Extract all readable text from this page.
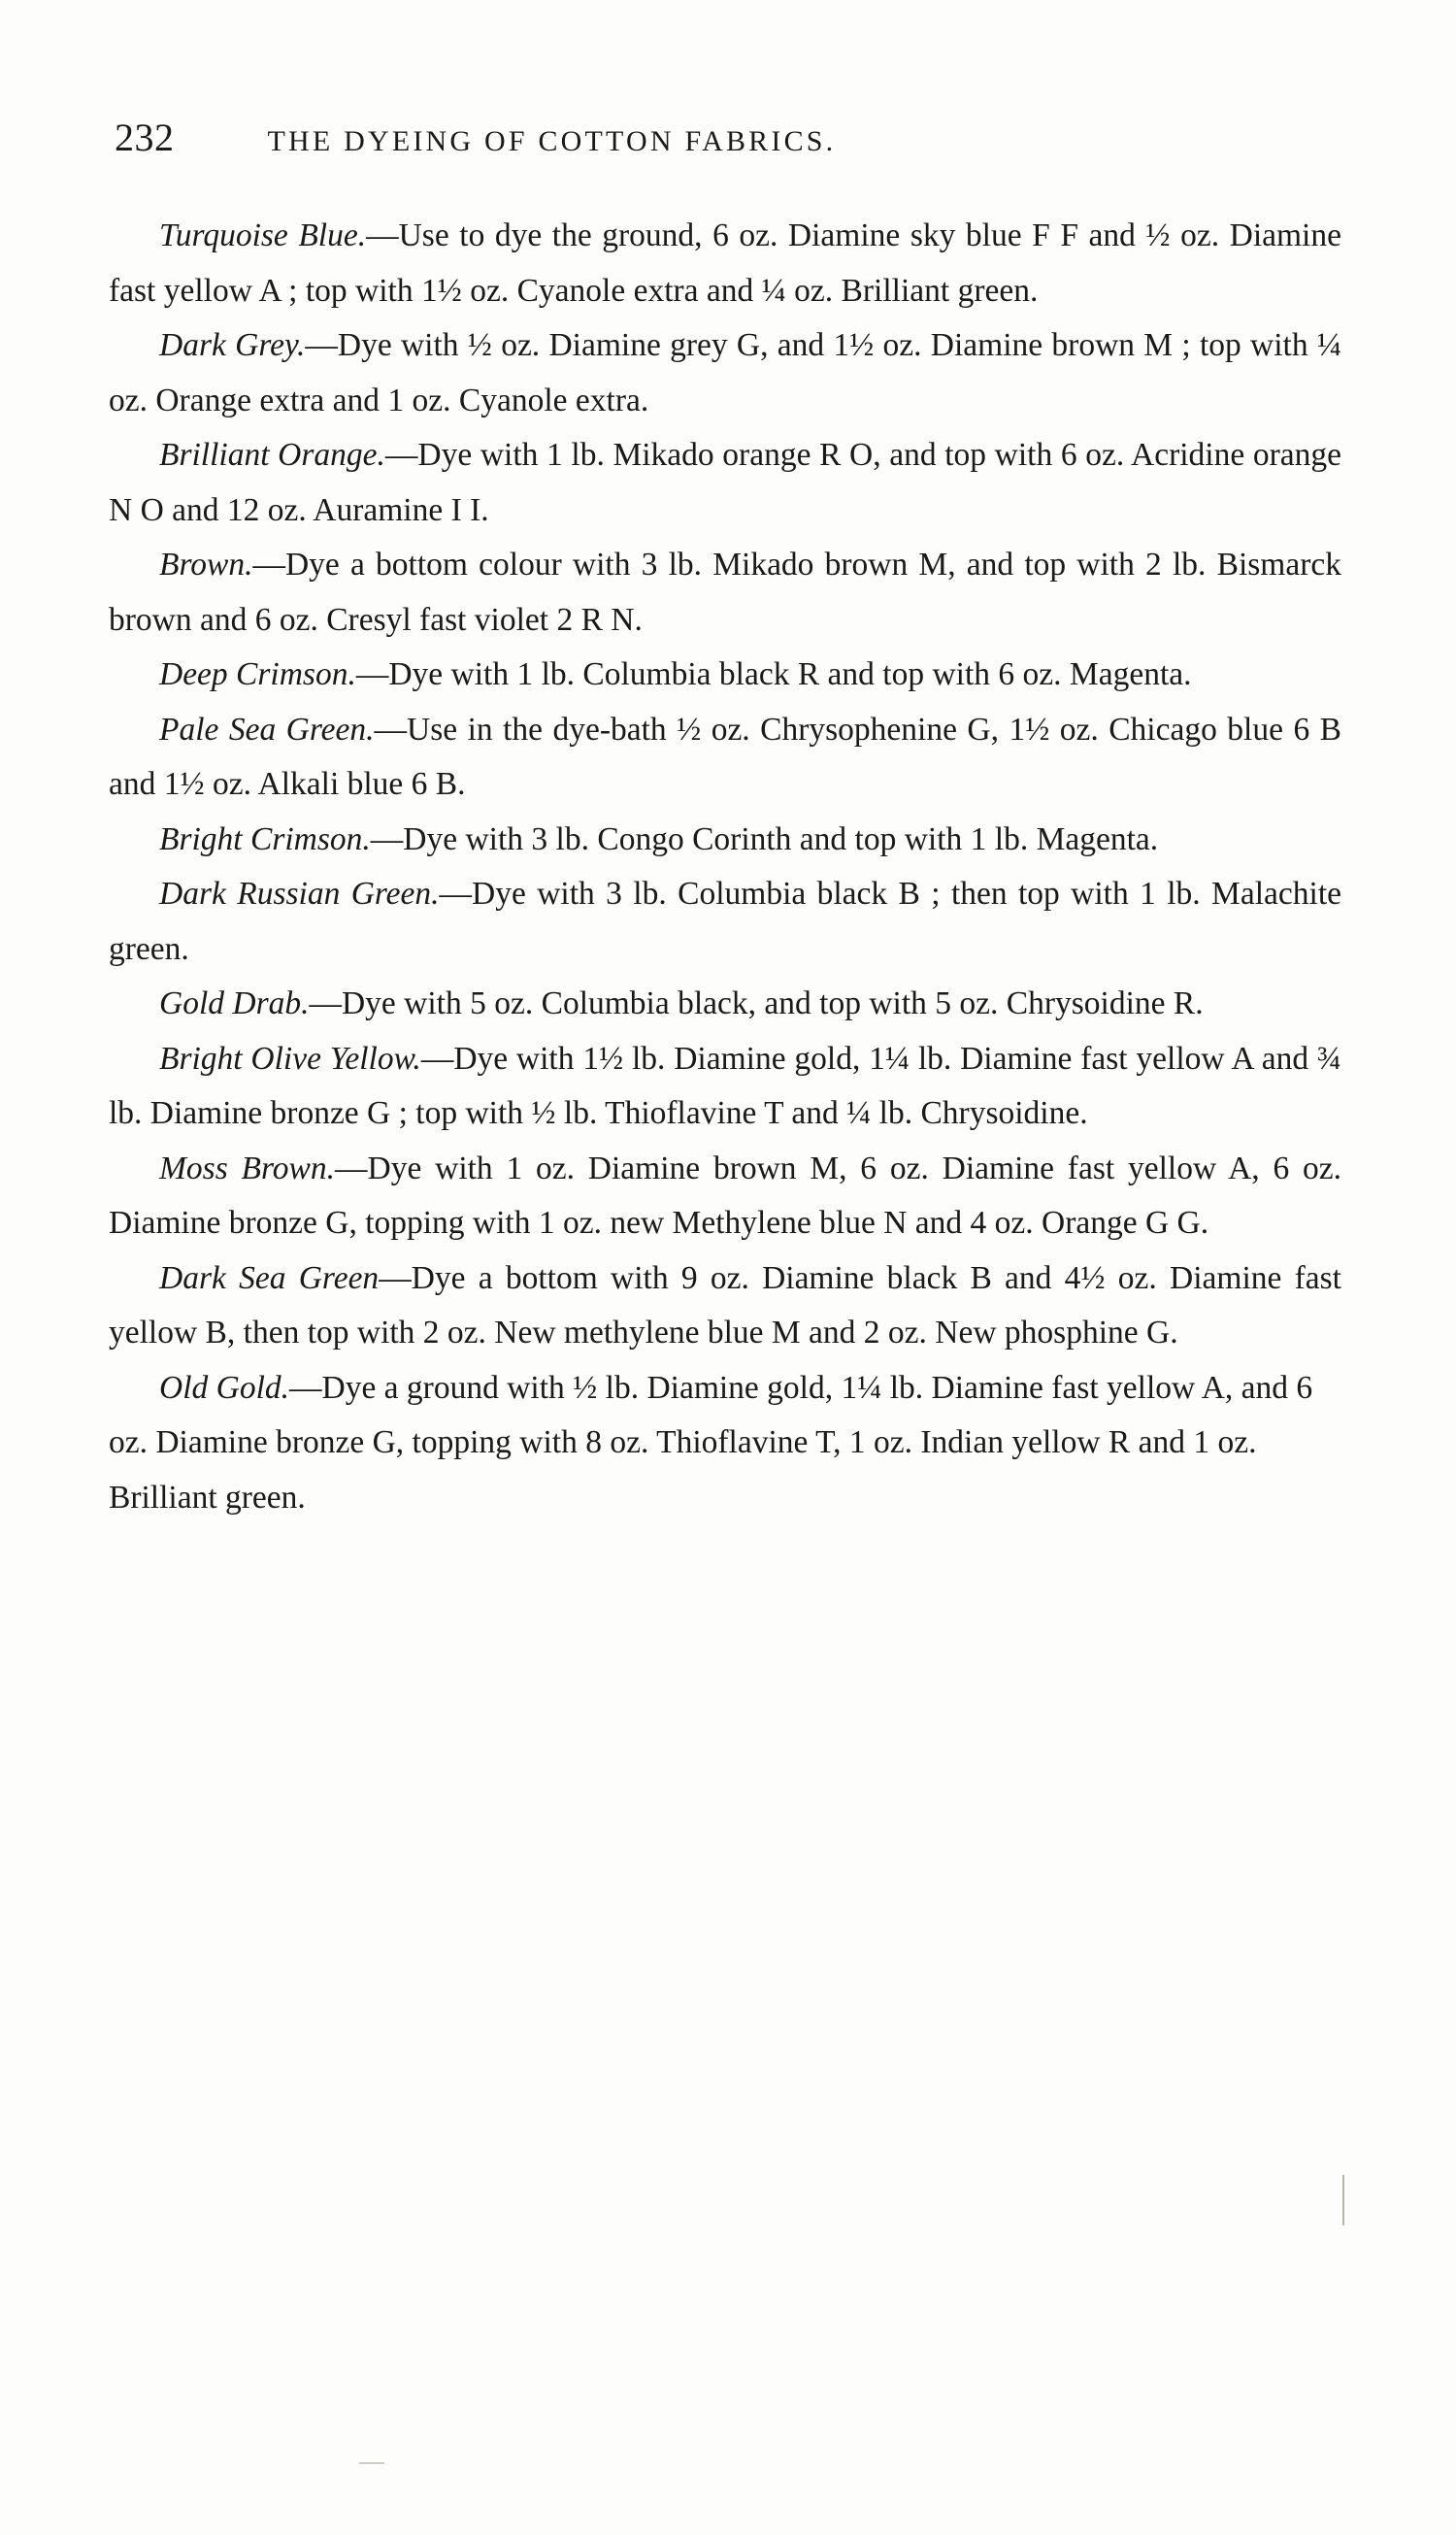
232	THE DYEING OF COTTON FABRICS.

Turquoise Blue.—Use to dye the ground, 6 oz. Diamine sky blue F F and ½ oz. Diamine fast yellow A ; top with 1½ oz. Cyanole extra and ¼ oz. Brilliant green.

Dark Grey.—Dye with ½ oz. Diamine grey G, and 1½ oz. Diamine brown M ; top with ¼ oz. Orange extra and 1 oz. Cyanole extra.

Brilliant Orange.—Dye with 1 lb. Mikado orange R O, and top with 6 oz. Acridine orange N O and 12 oz. Auramine I I.

Brown.—Dye a bottom colour with 3 lb. Mikado brown M, and top with 2 lb. Bismarck brown and 6 oz. Cresyl fast violet 2 R N.

Deep Crimson.—Dye with 1 lb. Columbia black R and top with 6 oz. Magenta.

Pale Sea Green.—Use in the dye-bath ½ oz. Chrysophenine G, 1½ oz. Chicago blue 6 B and 1½ oz. Alkali blue 6 B.

Bright Crimson.—Dye with 3 lb. Congo Corinth and top with 1 lb. Magenta.

Dark Russian Green.—Dye with 3 lb. Columbia black B ; then top with 1 lb. Malachite green.

Gold Drab.—Dye with 5 oz. Columbia black, and top with 5 oz. Chrysoidine R.

Bright Olive Yellow.—Dye with 1½ lb. Diamine gold, 1¼ lb. Diamine fast yellow A and ¾ lb. Diamine bronze G ; top with ½ lb. Thioflavine T and ¼ lb. Chrysoidine.

Moss Brown.—Dye with 1 oz. Diamine brown M, 6 oz. Diamine fast yellow A, 6 oz. Diamine bronze G, topping with 1 oz. new Methylene blue N and 4 oz. Orange G G.

Dark Sea Green—Dye a bottom with 9 oz. Diamine black B and 4½ oz. Diamine fast yellow B, then top with 2 oz. New methylene blue M and 2 oz. New phosphine G.

Old Gold.—Dye a ground with ½ lb. Diamine gold, 1¼ lb. Diamine fast yellow A, and 6 oz. Diamine bronze G, topping with 8 oz. Thioflavine T, 1 oz. Indian yellow R and 1 oz. Brilliant green.
